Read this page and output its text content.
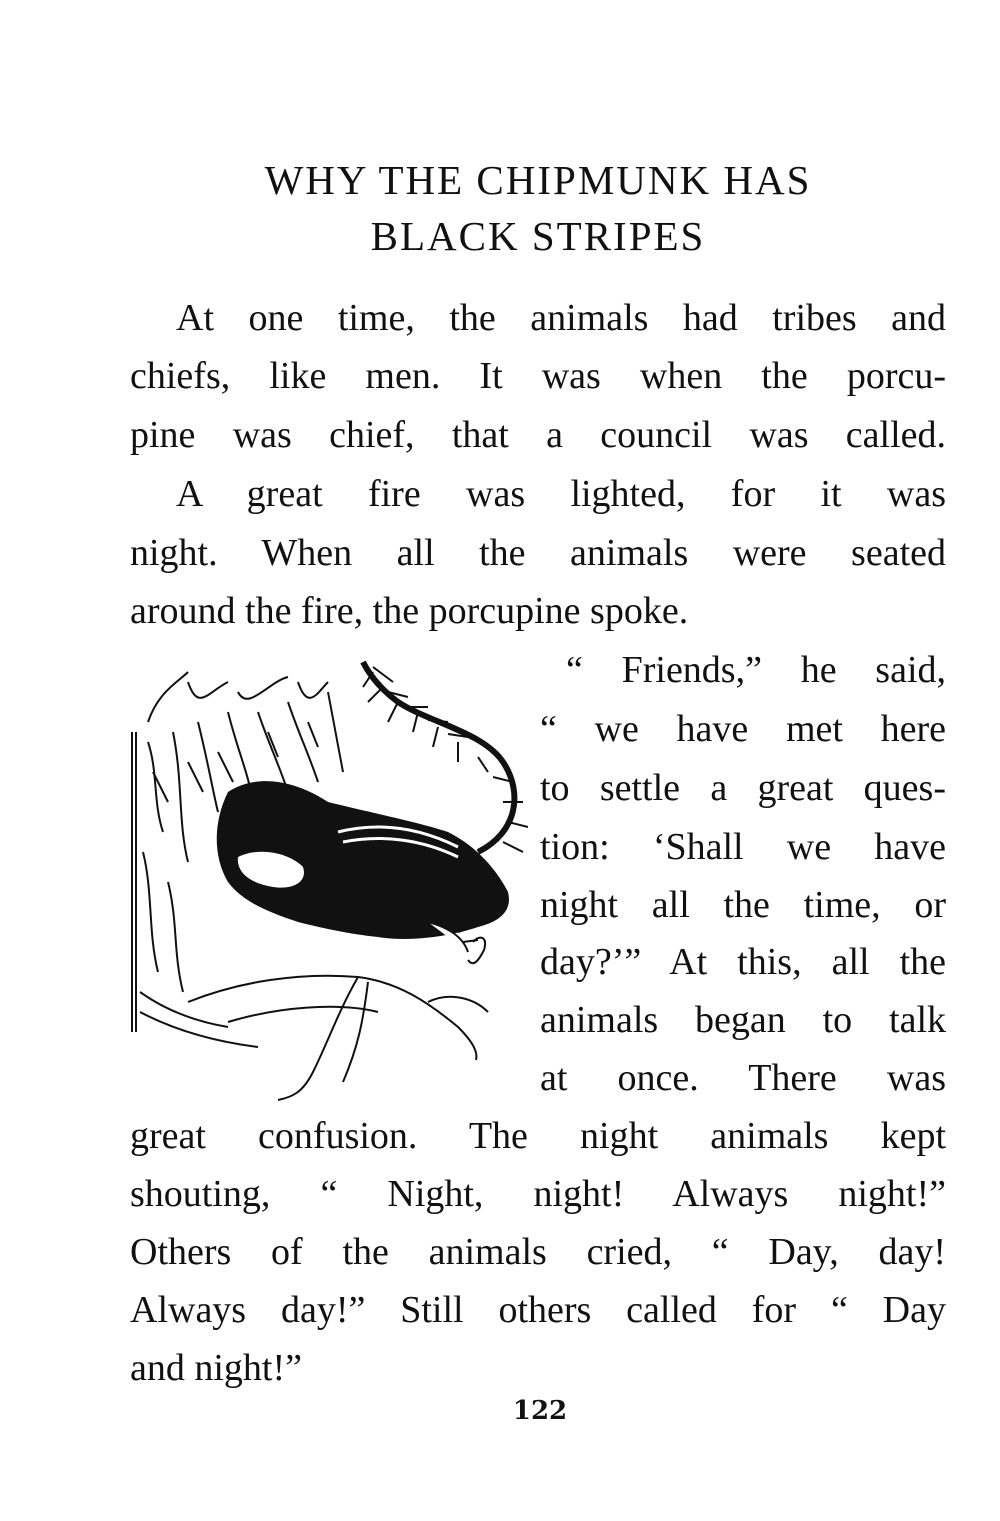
WHY THE CHIPMUNK HAS
BLACK STRIPES
At one time, the animals had tribes and
chiefs, like men. It was when the porcu-
pine was chief, that a council was called.
A great fire was lighted, for it was
night. When all the animals were seated
around the fire, the porcupine spoke.
“ Friends,” he said,
“ we have met here
to settle a great ques-
tion: ‘Shall we have
night all the time, or
day?’” At this, all the
animals began to talk
at once. There was
great confusion. The night animals kept
shouting, “ Night, night! Always night!”
Others of the animals cried, “ Day, day!
Always day!” Still others called for “ Day
and night!”
122
